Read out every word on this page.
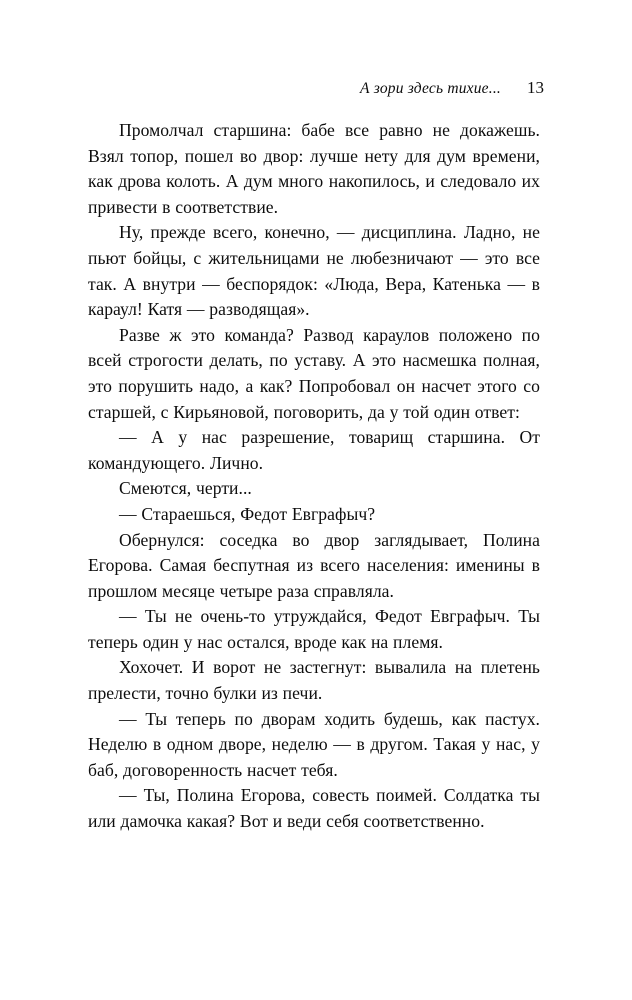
А зори здесь тихие... 13

Промолчал старшина: бабе все равно не докажешь. Взял топор, пошел во двор: лучше нету для дум времени, как дрова колоть. А дум много накопилось, и следовало их привести в соответствие.

Ну, прежде всего, конечно, — дисциплина. Ладно, не пьют бойцы, с жительницами не любезничают — это все так. А внутри — беспорядок: «Люда, Вера, Катенька — в караул! Катя — разводящая».

Разве ж это команда? Развод караулов положено по всей строгости делать, по уставу. А это насмешка полная, это порушить надо, а как? Попробовал он насчет этого со старшей, с Кирьяновой, поговорить, да у той один ответ:

— А у нас разрешение, товарищ старшина. От командующего. Лично.

Смеются, черти...

— Стараешься, Федот Евграфыч?

Обернулся: соседка во двор заглядывает, Полина Егорова. Самая беспутная из всего населения: именины в прошлом месяце четыре раза справляла.

— Ты не очень-то утруждайся, Федот Евграфыч. Ты теперь один у нас остался, вроде как на племя.

Хохочет. И ворот не застегнут: вывалила на плетень прелести, точно булки из печи.

— Ты теперь по дворам ходить будешь, как пастух. Неделю в одном дворе, неделю — в другом. Такая у нас, у баб, договоренность насчет тебя.

— Ты, Полина Егорова, совесть поимей. Солдатка ты или дамочка какая? Вот и веди себя соответственно.
